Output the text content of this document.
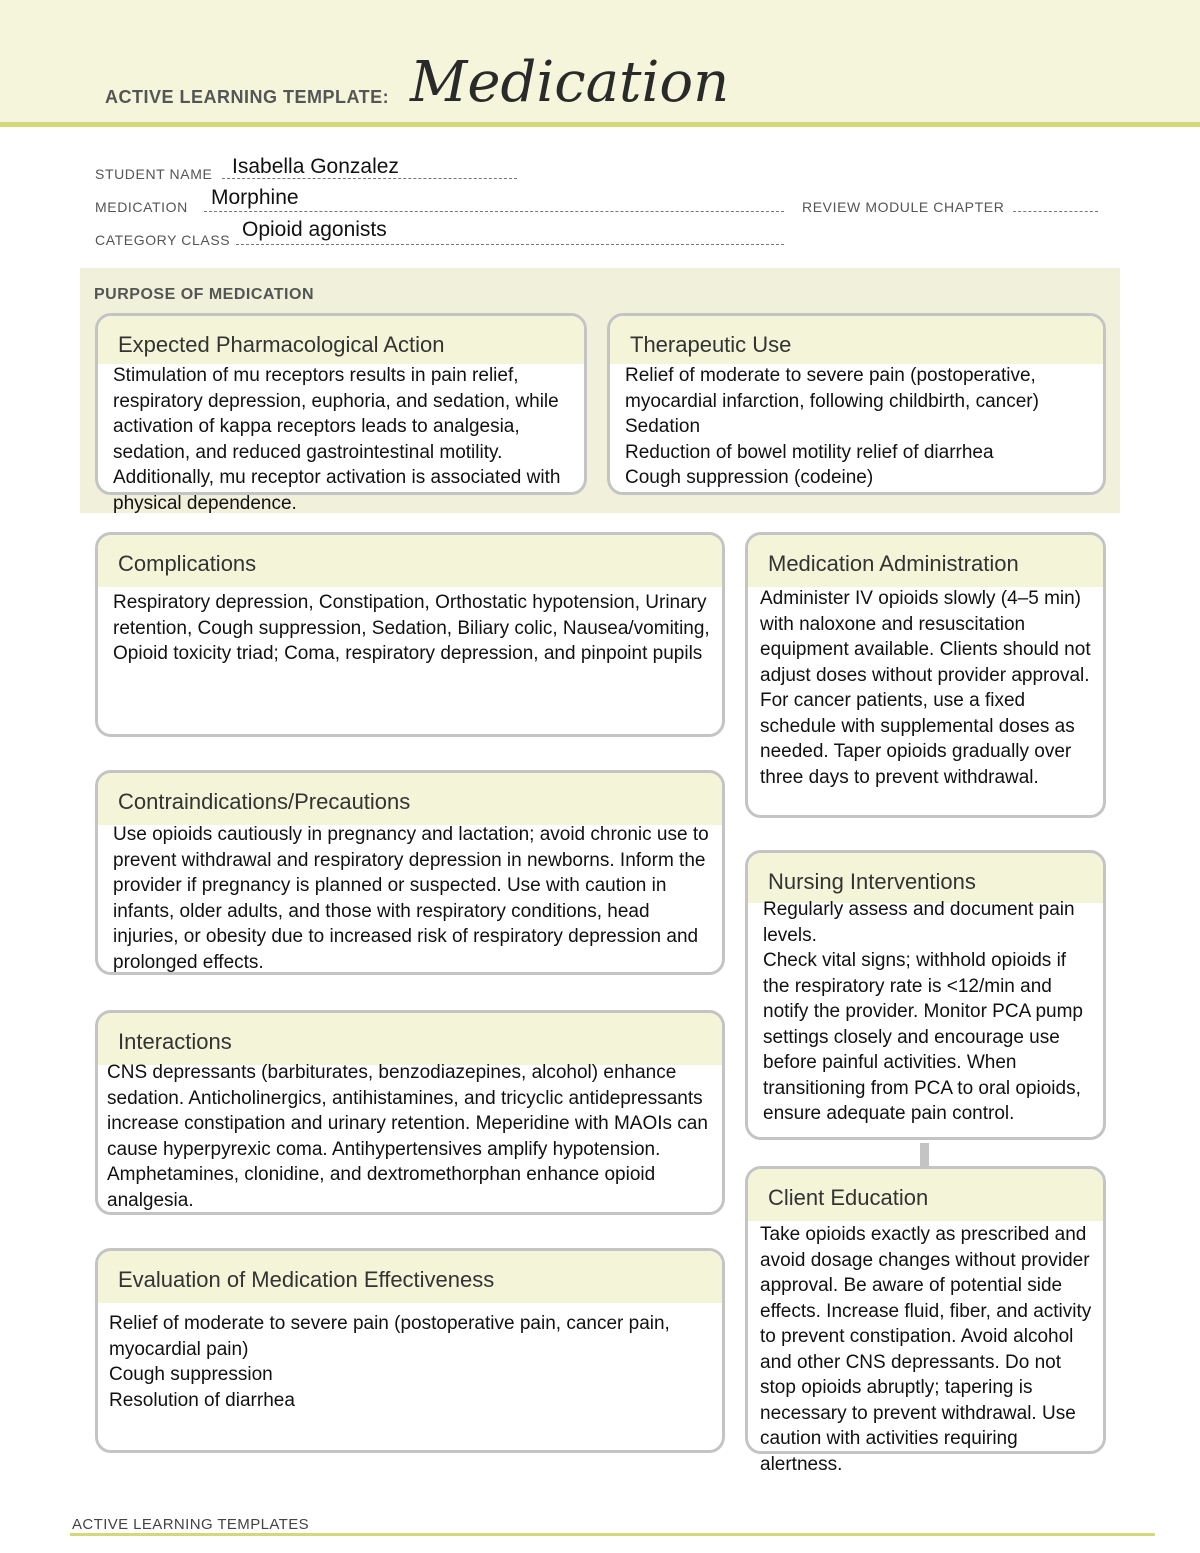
ACTIVE LEARNING TEMPLATE: Medication
STUDENT NAME Isabella Gonzalez
MEDICATION Morphine	REVIEW MODULE CHAPTER
CATEGORY CLASS Opioid agonists
PURPOSE OF MEDICATION
Expected Pharmacological Action
Stimulation of mu receptors results in pain relief, respiratory depression, euphoria, and sedation, while activation of kappa receptors leads to analgesia, sedation, and reduced gastrointestinal motility. Additionally, mu receptor activation is associated with physical dependence.
Therapeutic Use
Relief of moderate to severe pain (postoperative, myocardial infarction, following childbirth, cancer)
Sedation
Reduction of bowel motility relief of diarrhea
Cough suppression (codeine)
Complications
Respiratory depression, Constipation, Orthostatic hypotension, Urinary retention, Cough suppression, Sedation, Biliary colic, Nausea/vomiting,
Opioid toxicity triad; Coma, respiratory depression, and pinpoint pupils
Medication Administration
Administer IV opioids slowly (4–5 min) with naloxone and resuscitation equipment available. Clients should not adjust doses without provider approval. For cancer patients, use a fixed schedule with supplemental doses as needed. Taper opioids gradually over three days to prevent withdrawal.
Contraindications/Precautions
Use opioids cautiously in pregnancy and lactation; avoid chronic use to prevent withdrawal and respiratory depression in newborns. Inform the provider if pregnancy is planned or suspected. Use with caution in infants, older adults, and those with respiratory conditions, head injuries, or obesity due to increased risk of respiratory depression and prolonged effects.
Nursing Interventions
Regularly assess and document pain levels.
Check vital signs; withhold opioids if the respiratory rate is <12/min and notify the provider. Monitor PCA pump settings closely and encourage use before painful activities. When transitioning from PCA to oral opioids, ensure adequate pain control.
Interactions
CNS depressants (barbiturates, benzodiazepines, alcohol) enhance sedation. Anticholinergics, antihistamines, and tricyclic antidepressants increase constipation and urinary retention. Meperidine with MAOIs can cause hyperpyrexic coma. Antihypertensives amplify hypotension. Amphetamines, clonidine, and dextromethorphan enhance opioid analgesia.	Client Education
Take opioids exactly as prescribed and avoid dosage changes without provider approval. Be aware of potential side effects. Increase fluid, fiber, and activity to prevent constipation. Avoid alcohol and other CNS depressants. Do not stop opioids abruptly; tapering is necessary to prevent withdrawal. Use caution with activities requiring alertness.
Evaluation of Medication Effectiveness
Relief of moderate to severe pain (postoperative pain, cancer pain, myocardial pain)
Cough suppression
Resolution of diarrhea
ACTIVE LEARNING TEMPLATES
